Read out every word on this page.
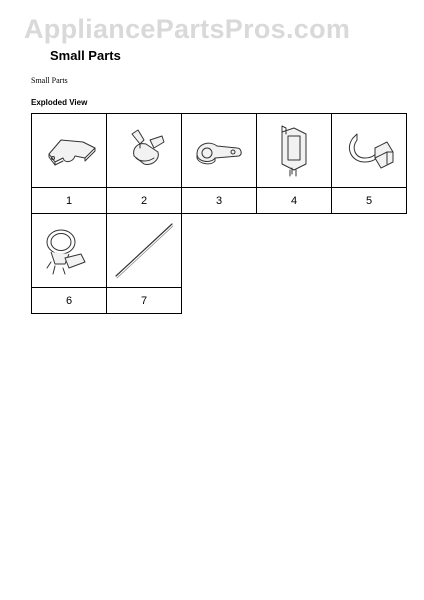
AppliancePartsPros.com
Small Parts
Small Parts
Exploded View
1	2	3	4	5
6	7
